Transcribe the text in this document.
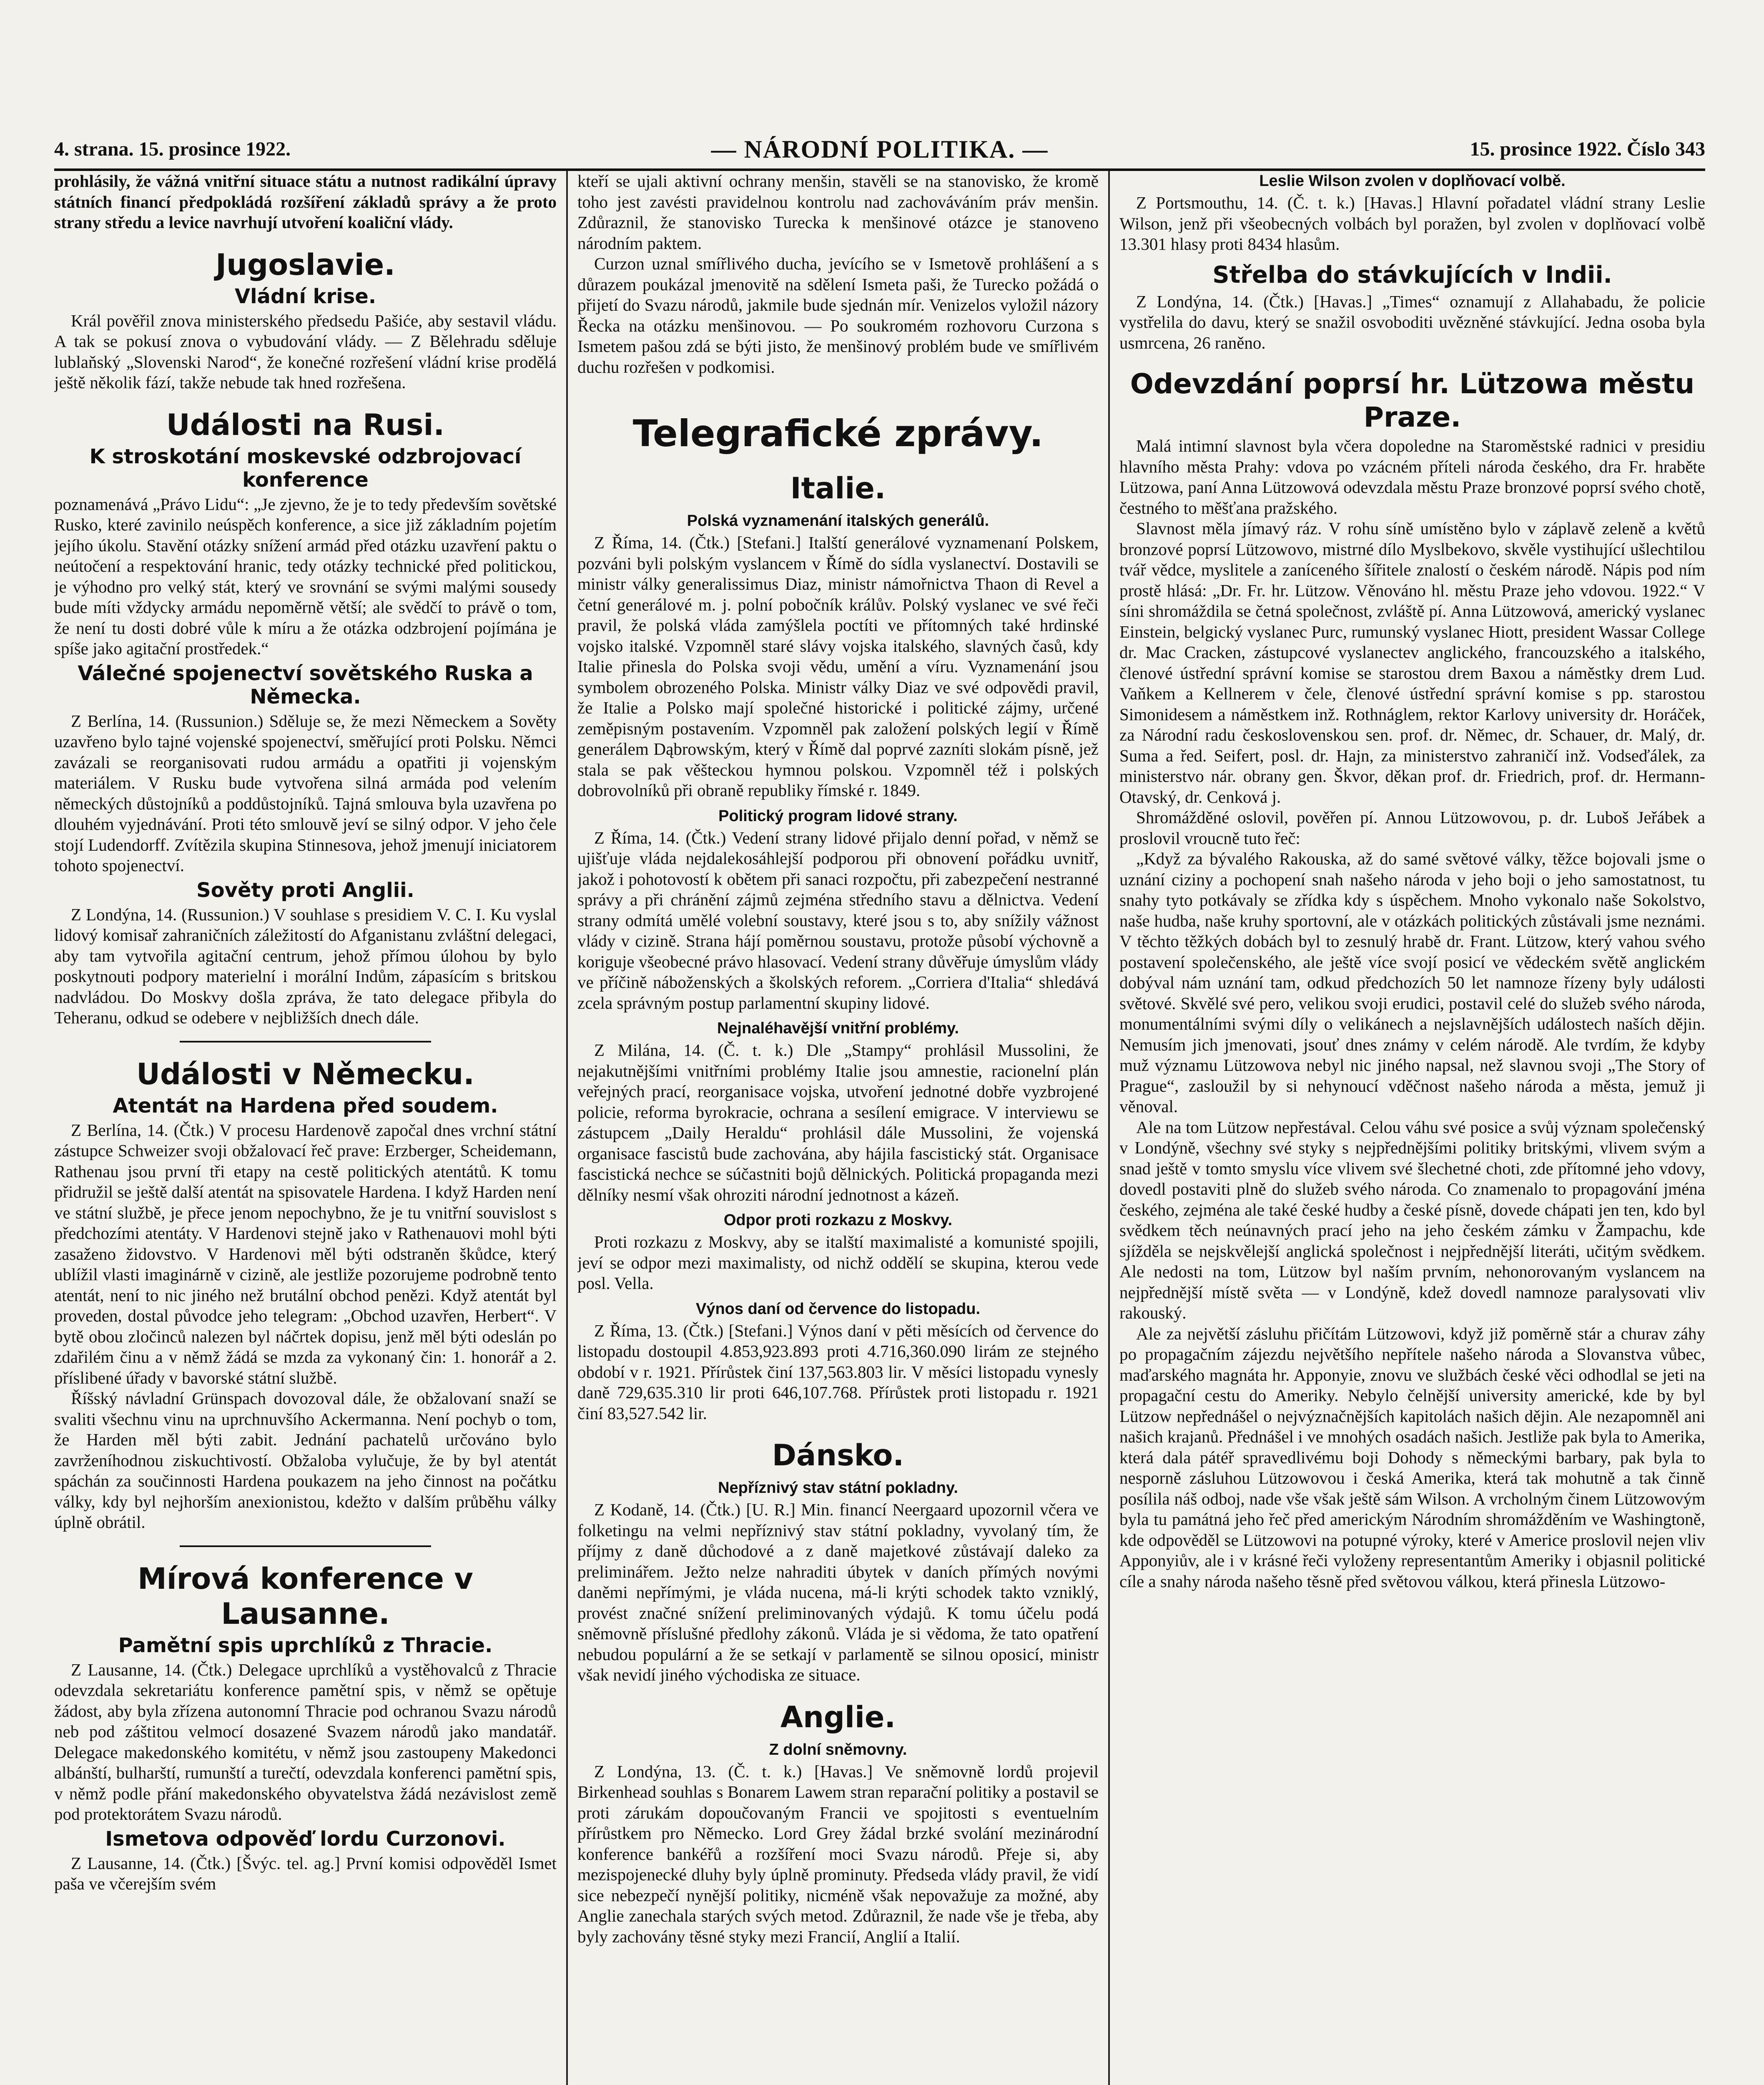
4. strana. 15. prosince 1922.	— NÁRODNÍ POLITIKA. —	15. prosince 1922. Číslo 343

prohlásily, že vážná vnitřní situace státu a nutnost radikální úpravy státních financí předpokládá rozšíření základů správy a že proto strany středu a levice navrhují utvoření koaliční vlády.

Jugoslavie.
Vládní krise.

Král pověřil znova ministerského předsedu Pašiće, aby sestavil vládu. A tak se pokusí znova o vybudování vlády. — Z Bělehradu sděluje lublaňský „Slovenski Narod“, že konečné rozřešení vládní krise prodělá ještě několik fází, takže nebude tak hned rozřešena.

Události na Rusi.
K stroskotání moskevské odzbrojovací konference

poznamenává „Právo Lidu“: „Je zjevno, že je to tedy především sovětské Rusko, které zavinilo neúspěch konference, a sice již základním pojetím jejího úkolu. Stavění otázky snížení armád před otázku uzavření paktu o neútočení a respektování hranic, tedy otázky technické před politickou, je výhodno pro velký stát, který ve srovnání se svými malými sousedy bude míti vždycky armádu nepoměrně větší; ale svědčí to právě o tom, že není tu dosti dobré vůle k míru a že otázka odzbrojení pojímána je spíše jako agitační prostředek.“

Válečné spojenectví sovětského Ruska a Německa.

Z Berlína, 14. (Russunion.) Sděluje se, že mezi Německem a Sověty uzavřeno bylo tajné vojenské spojenectví, směřující proti Polsku. Němci zavázali se reorganisovati rudou armádu a opatřiti ji vojenským materiálem. V Rusku bude vytvořena silná armáda pod velením německých důstojníků a poddůstojníků. Tajná smlouva byla uzavřena po dlouhém vyjednávání. Proti této smlouvě jeví se silný odpor. V jeho čele stojí Ludendorff. Zvítězila skupina Stinnesova, jehož jmenují iniciatorem tohoto spojenectví.

Sověty proti Anglii.

Z Londýna, 14. (Russunion.) V souhlase s presidiem V. C. I. Ku vyslal lidový komisař zahraničních záležitostí do Afganistanu zvláštní delegaci, aby tam vytvořila agitační centrum, jehož přímou úlohou by bylo poskytnouti podpory materielní i morální Indům, zápasícím s britskou nadvládou. Do Moskvy došla zpráva, že tato delegace přibyla do Teheranu, odkud se odebere v nejbližších dnech dále.

Události v Německu.
Atentát na Hardena před soudem.

Z Berlína, 14. (Čtk.) V procesu Hardenově započal dnes vrchní státní zástupce Schweizer svoji obžalovací řeč prave: Erzberger, Scheidemann, Rathenau jsou první tři etapy na cestě politických atentátů. K tomu přidružil se ještě další atentát na spisovatele Hardena. I když Harden není ve státní službě, je přece jenom nepochybno, že je tu vnitřní souvislost s předchozími atentáty. V Hardenovi stejně jako v Rathenauovi mohl býti zasaženo židovstvo. V Hardenovi měl býti odstraněn škůdce, který ublížil vlasti imaginárně v cizině, ale jestliže pozorujeme podrobně tento atentát, není to nic jiného než brutální obchod penězi. Když atentát byl proveden, dostal původce jeho telegram: „Obchod uzavřen, Herbert“. V bytě obou zločinců nalezen byl náčrtek dopisu, jenž měl býti odeslán po zdařilém činu a v němž žádá se mzda za vykonaný čin: 1. honorář a 2. příslibené úřady v bavorské státní službě.

Říšský návladní Grünspach dovozoval dále, že obžalovaní snaží se svaliti všechnu vinu na uprchnuvšího Ackermanna. Není pochyb o tom, že Harden měl býti zabit. Jednání pachatelů určováno bylo zavrženíhodnou ziskuchtivostí. Obžaloba vylučuje, že by byl atentát spáchán za součinnosti Hardena poukazem na jeho činnost na počátku války, kdy byl nejhorším anexionistou, kdežto v dalším průběhu války úplně obrátil.

Mírová konference v Lausanne.
Pamětní spis uprchlíků z Thracie.

Z Lausanne, 14. (Čtk.) Delegace uprchlíků a vystěhovalců z Thracie odevzdala sekretariátu konference pamětní spis, v němž se opětuje žádost, aby byla zřízena autonomní Thracie pod ochranou Svazu národů neb pod záštitou velmocí dosazené Svazem národů jako mandatář. Delegace makedonského komitétu, v němž jsou zastoupeny Makedonci albánští, bulharští, rumunští a turečtí, odevzdala konferenci pamětní spis, v němž podle přání makedonského obyvatelstva žádá nezávislost země pod protektorátem Svazu národů.

Ismetova odpověď lordu Curzonovi.

Z Lausanne, 14. (Čtk.) [Švýc. tel. ag.] První komisi odpověděl Ismet paša ve včerejším svém

kteří se ujali aktivní ochrany menšin, stavěli se na stanovisko, že kromě toho jest zavésti pravidelnou kontrolu nad zachováváním práv menšin. Zdůraznil, že stanovisko Turecka k menšinové otázce je stanoveno národním paktem.

Curzon uznal smířlivého ducha, jevícího se v Ismetově prohlášení a s důrazem poukázal jmenovitě na sdělení Ismeta paši, že Turecko požádá o přijetí do Svazu národů, jakmile bude sjednán mír. Venizelos vyložil názory Řecka na otázku menšinovou. — Po soukromém rozhovoru Curzona s Ismetem pašou zdá se býti jisto, že menšinový problém bude ve smířlivém duchu rozřešen v podkomisi.

Telegrafické zprávy.
Italie.
Polská vyznamenání italských generálů.

Z Říma, 14. (Čtk.) [Stefani.] Italští generálové vyznamenaní Polskem, pozváni byli polským vyslancem v Římě do sídla vyslanectví. Dostavili se ministr války generalissimus Diaz, ministr námořnictva Thaon di Revel a četní generálové m. j. polní pobočník králův. Polský vyslanec ve své řeči pravil, že polská vláda zamýšlela poctíti ve přítomných také hrdinské vojsko italské. Vzpomněl staré slávy vojska italského, slavných časů, kdy Italie přinesla do Polska svoji vědu, umění a víru. Vyznamenání jsou symbolem obrozeného Polska. Ministr války Diaz ve své odpovědi pravil, že Italie a Polsko mají společné historické i politické zájmy, určené zeměpisným postavením. Vzpomněl pak založení polských legií v Římě generálem Dąbrowským, který v Římě dal poprvé zazníti slokám písně, jež stala se pak věšteckou hymnou polskou. Vzpomněl též i polských dobrovolníků při obraně republiky římské r. 1849.

Politický program lidové strany.

Z Říma, 14. (Čtk.) Vedení strany lidové přijalo denní pořad, v němž se ujišťuje vláda nejdalekosáhlejší podporou při obnovení pořádku uvnitř, jakož i pohotovostí k obětem při sanaci rozpočtu, při zabezpečení nestranné správy a při chránění zájmů zejména středního stavu a dělnictva. Vedení strany odmítá umělé volební soustavy, které jsou s to, aby snížily vážnost vlády v cizině. Strana hájí poměrnou soustavu, protože působí výchovně a koriguje všeobecné právo hlasovací. Vedení strany důvěřuje úmyslům vlády ve příčině náboženských a školských reforem. „Corriera d'Italia“ shledává zcela správným postup parlamentní skupiny lidové.

Nejnaléhavější vnitřní problémy.

Z Milána, 14. (Č. t. k.) Dle „Stampy“ prohlásil Mussolini, že nejakutnějšími vnitřními problémy Italie jsou amnestie, racionelní plán veřejných prací, reorganisace vojska, utvoření jednotné dobře vyzbrojené policie, reforma byrokracie, ochrana a sesílení emigrace. V interviewu se zástupcem „Daily Heraldu“ prohlásil dále Mussolini, že vojenská organisace fascistů bude zachována, aby hájila fascistický stát. Organisace fascistická nechce se súčastniti bojů dělnických. Politická propaganda mezi dělníky nesmí však ohroziti národní jednotnost a kázeň.

Odpor proti rozkazu z Moskvy.

Proti rozkazu z Moskvy, aby se italští maximalisté a komunisté spojili, jeví se odpor mezi maximalisty, od nichž oddělí se skupina, kterou vede posl. Vella.

Výnos daní od července do listopadu.

Z Říma, 13. (Čtk.) [Stefani.] Výnos daní v pěti měsících od července do listopadu dostoupil 4.853,923.893 proti 4.716,360.090 lirám ze stejného období v r. 1921. Přírůstek činí 137,563.803 lir. V měsíci listopadu vynesly daně 729,635.310 lir proti 646,107.768. Přírůstek proti listopadu r. 1921 činí 83,527.542 lir.

Dánsko.
Nepříznivý stav státní pokladny.

Z Kodaně, 14. (Čtk.) [U. R.] Min. financí Neergaard upozornil včera ve folketingu na velmi nepříznivý stav státní pokladny, vyvolaný tím, že příjmy z daně důchodové a z daně majetkové zůstávají daleko za preliminářem. Ježto nelze nahraditi úbytek v daních přímých novými daněmi nepřímými, je vláda nucena, má-li krýti schodek takto vzniklý, provést značné snížení preliminovaných výdajů. K tomu účelu podá sněmovně příslušné předlohy zákonů. Vláda je si vědoma, že tato opatření nebudou populární a že se setkají v parlamentě se silnou oposicí, ministr však nevidí jiného východiska ze situace.

Anglie.
Z dolní sněmovny.

Z Londýna, 13. (Č. t. k.) [Havas.] Ve sněmovně lordů projevil Birkenhead souhlas s Bonarem Lawem stran reparační politiky a postavil se proti zárukám dopoučovaným Francii ve spojitosti s eventuelním přírůstkem pro Německo. Lord Grey žádal brzké svolání mezinárodní konference bankéřů a rozšíření moci Svazu národů. Přeje si, aby mezispojenecké dluhy byly úplně prominuty. Předseda vlády pravil, že vidí sice nebezpečí nynější politiky, nicméně však nepovažuje za možné, aby Anglie zanechala starých svých metod. Zdůraznil, že nade vše je třeba, aby byly zachovány těsné styky mezi Francií, Anglií a Italií.

Leslie Wilson zvolen v doplňovací volbě.

Z Portsmouthu, 14. (Č. t. k.) [Havas.] Hlavní pořadatel vládní strany Leslie Wilson, jenž při všeobecných volbách byl poražen, byl zvolen v doplňovací volbě 13.301 hlasy proti 8434 hlasům.

Střelba do stávkujících v Indii.

Z Londýna, 14. (Čtk.) [Havas.] „Times“ oznamují z Allahabadu, že policie vystřelila do davu, který se snažil osvoboditi uvězněné stávkující. Jedna osoba byla usmrcena, 26 raněno.

Odevzdání poprsí hr. Lützowa městu Praze.

Malá intimní slavnost byla včera dopoledne na Staroměstské radnici v presidiu hlavního města Prahy: vdova po vzácném příteli národa českého, dra Fr. hraběte Lützowa, paní Anna Lützowová odevzdala městu Praze bronzové poprsí svého chotě, čestného to měšťana pražského.

Slavnost měla jímavý ráz. V rohu síně umístěno bylo v záplavě zeleně a květů bronzové poprsí Lützowovo, mistrné dílo Myslbekovo, skvěle vystihující ušlechtilou tvář vědce, myslitele a zaníceného šířitele znalostí o českém národě. Nápis pod ním prostě hlásá: „Dr. Fr. hr. Lützow. Věnováno hl. městu Praze jeho vdovou. 1922.“ V síni shromáždila se četná společnost, zvláště pí. Anna Lützowová, americký vyslanec Einstein, belgický vyslanec Purc, rumunský vyslanec Hiott, president Wassar College dr. Mac Cracken, zástupcové vyslanectev anglického, francouzského a italského, členové ústřední správní komise se starostou drem Baxou a náměstky drem Lud. Vaňkem a Kellnerem v čele, členové ústřední správní komise s pp. starostou Simonidesem a náměstkem inž. Rothnáglem, rektor Karlovy university dr. Horáček, za Národní radu československou sen. prof. dr. Němec, dr. Schauer, dr. Malý, dr. Suma a řed. Seifert, posl. dr. Hajn, za ministerstvo zahraničí inž. Vodseďálek, za ministerstvo nár. obrany gen. Škvor, děkan prof. dr. Friedrich, prof. dr. Hermann-Otavský, dr. Cenková j.

Shromážděné oslovil, pověřen pí. Annou Lützowovou, p. dr. Luboš Jeřábek a proslovil vroucně tuto řeč:

„Když za bývalého Rakouska, až do samé světové války, těžce bojovali jsme o uznání ciziny a pochopení snah našeho národa v jeho boji o jeho samostatnost, tu snahy tyto potkávaly se zřídka kdy s úspěchem. Mnoho vykonalo naše Sokolstvo, naše hudba, naše kruhy sportovní, ale v otázkách politických zůstávali jsme neznámi. V těchto těžkých dobách byl to zesnulý hrabě dr. Frant. Lützow, který vahou svého postavení společenského, ale ještě více svojí posicí ve vědeckém světě anglickém dobýval nám uznání tam, odkud předchozích 50 let namnoze řízeny byly události světové. Skvělé své pero, velikou svoji erudici, postavil celé do služeb svého národa, monumentálními svými díly o velikánech a nejslavnějších událostech naších dějin. Nemusím jich jmenovati, jsouť dnes známy v celém národě. Ale tvrdím, že kdyby muž významu Lützowova nebyl nic jiného napsal, než slavnou svoji „The Story of Prague“, zasloužil by si nehynoucí vděčnost našeho národa a města, jemuž ji věnoval.

Ale na tom Lützow nepřestával. Celou váhu své posice a svůj význam společenský v Londýně, všechny své styky s nejpřednějšími politiky britskými, vlivem svým a snad ještě v tomto smyslu více vlivem své šlechetné choti, zde přítomné jeho vdovy, dovedl postaviti plně do služeb svého národa. Co znamenalo to propagování jména českého, zejména ale také české hudby a české písně, dovede chápati jen ten, kdo byl svědkem těch neúnavných prací jeho na jeho českém zámku v Žampachu, kde sjížděla se nejskvělejší anglická společnost i nejpřednější literáti, učitým svědkem. Ale nedosti na tom, Lützow byl naším prvním, nehonorovaným vyslancem na nejpřednější místě světa — v Londýně, kdež dovedl namnoze paralysovati vliv rakouský.

Ale za největší zásluhu přičítám Lützowovi, když již poměrně stár a churav záhy po propagačním zájezdu největšího nepřítele našeho národa a Slovanstva vůbec, maďarského magnáta hr. Apponyie, znovu ve službách české věci odhodlal se jeti na propagační cestu do Ameriky. Nebylo čelnější university americké, kde by byl Lützow nepřednášel o nejvýznačnějších kapitolách našich dějin. Ale nezapomněl ani našich krajanů. Přednášel i ve mnohých osadách našich. Jestliže pak byla to Amerika, která dala pátéř spravedlivému boji Dohody s německými barbary, pak byla to nesporně zásluhou Lützowovou i česká Amerika, která tak mohutně a tak činně posílila náš odboj, nade vše však ještě sám Wilson. A vrcholným činem Lützowovým byla tu památná jeho řeč před americkým Národním shromážděním ve Washingtoně, kde odpověděl se Lützowovi na potupné výroky, které v Americe proslovil nejen vliv Apponyiův, ale i v krásné řeči vyloženy representantům Ameriky i objasnil politické cíle a snahy národa našeho těsně před světovou válkou, která přinesla Lützowo-
